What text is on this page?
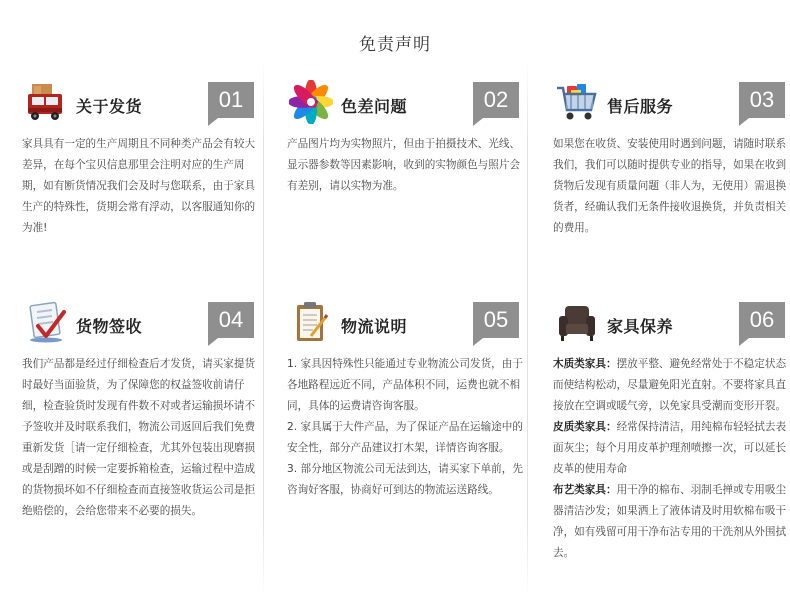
免责声明
关于发货	01
家具具有一定的生产周期且不同种类产品会有较大差异，在每个宝贝信息那里会注明对应的生产周期，如有断货情况我们会及时与您联系，由于家具生产的特殊性，货期会常有浮动，以客服通知你的为准!
色差问题	02
产品图片均为实物照片，但由于拍摄技术、光线、显示器参数等因素影响，收到的实物颜色与照片会有差别，请以实物为准。
售后服务	03
如果您在收货、安装使用时遇到问题，请随时联系我们，我们可以随时提供专业的指导，如果在收到货物后发现有质量问题（非人为，无使用）需退换货者，经确认我们无条件接收退换货，并负责相关的费用。
货物签收	04
我们产品都是经过仔细检查后才发货，请买家提货时最好当面验货，为了保障您的权益签收前请仔细，检查验货时发现有件数不对或者运输损坏请不予签收并及时联系我们，物流公司返回后我们免费重新发货［请一定仔细检查，尤其外包装出现磨损或是刮蹭的时候一定要拆箱检查，运输过程中造成的货物损坏如不仔细检查而直接签收货运公司是拒绝赔偿的，会给您带来不必要的损失。
物流说明	05
1. 家具因特殊性只能通过专业物流公司发货，由于各地路程远近不同，产品体积不同，运费也就不相同，具体的运费请咨询客服。
2. 家具属于大件产品，为了保证产品在运输途中的安全性，部分产品建议打木架，详情咨询客服。
3. 部分地区物流公司无法到达，请买家下单前，先咨询好客服，协商好可到达的物流运送路线。
家具保养	06
木质类家具：摆放平整、避免经常处于不稳定状态而使结构松动，尽量避免阳光直射。不要将家具直接放在空调或暖气旁，以免家具受潮而变形开裂。
皮质类家具：经常保持清洁，用纯棉布轻轻拭去表面灰尘；每个月用皮革护理剂喷擦一次，可以延长皮革的使用寿命
布艺类家具：用干净的棉布、羽制毛掸或专用吸尘器清洁沙发；如果洒上了液体请及时用软棉布吸干净，如有残留可用干净布沾专用的干洗剂从外围拭去。
